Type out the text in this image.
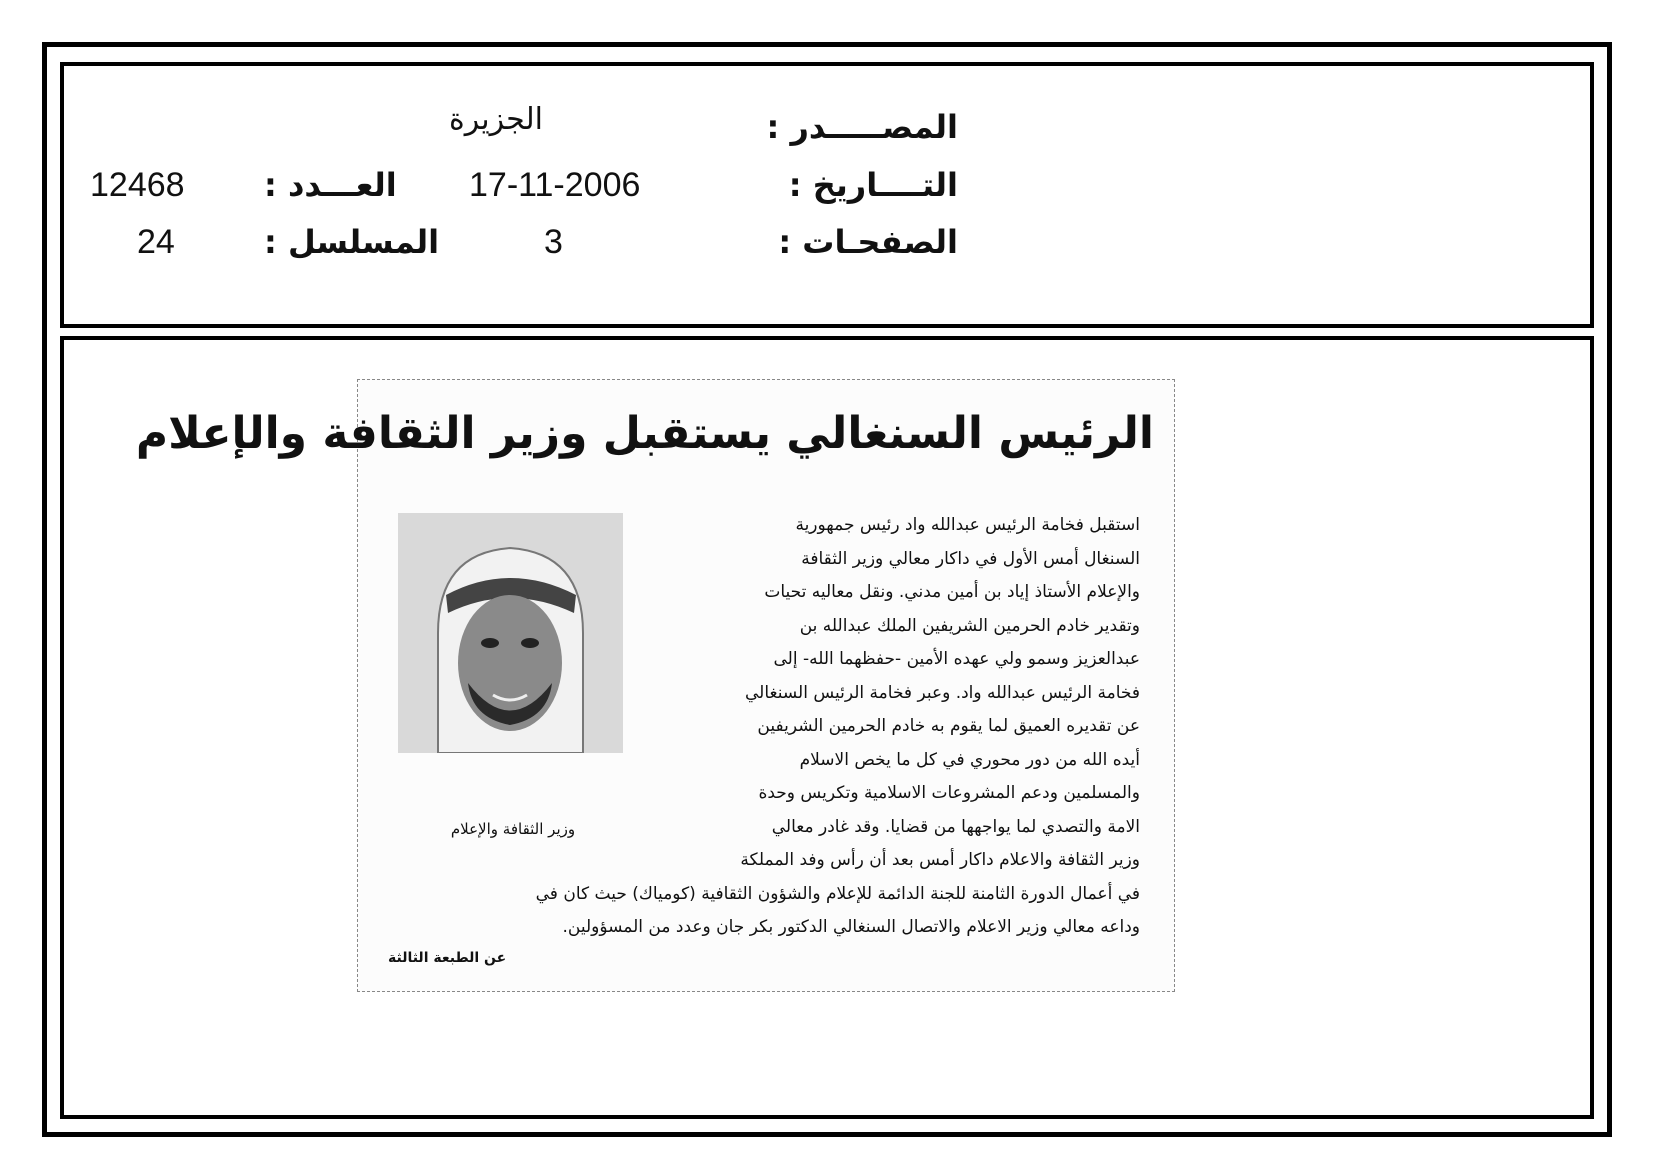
المصـــــدر :
الجزيرة
التــــاريخ :
17-11-2006
العـــدد :
12468
الصفحـات :
3
المسلسل :
24
الرئيس السنغالي يستقبل وزير الثقافة والإعلام
وزير الثقافة والإعلام
استقبل فخامة الرئيس عبدالله واد رئيس جمهورية
السنغال أمس الأول في داكار معالي وزير الثقافة
والإعلام الأستاذ إياد بن أمين مدني. ونقل معاليه تحيات
وتقدير خادم الحرمين الشريفين الملك عبدالله بن
عبدالعزيز وسمو ولي عهده الأمين -حفظهما الله- إلى
فخامة الرئيس عبدالله واد. وعبر فخامة الرئيس السنغالي
عن تقديره العميق لما يقوم به خادم الحرمين الشريفين
أيده الله من دور محوري في كل ما يخص الاسلام
والمسلمين ودعم المشروعات الاسلامية وتكريس وحدة
الامة والتصدي لما يواجهها من قضايا. وقد غادر معالي
وزير الثقافة والاعلام داكار أمس بعد أن رأس وفد المملكة
في أعمال الدورة الثامنة للجنة الدائمة للإعلام والشؤون الثقافية (كومياك) حيث كان في
وداعه معالي وزير الاعلام والاتصال السنغالي الدكتور بكر جان وعدد من المسؤولين.
عن الطبعة الثالثة
